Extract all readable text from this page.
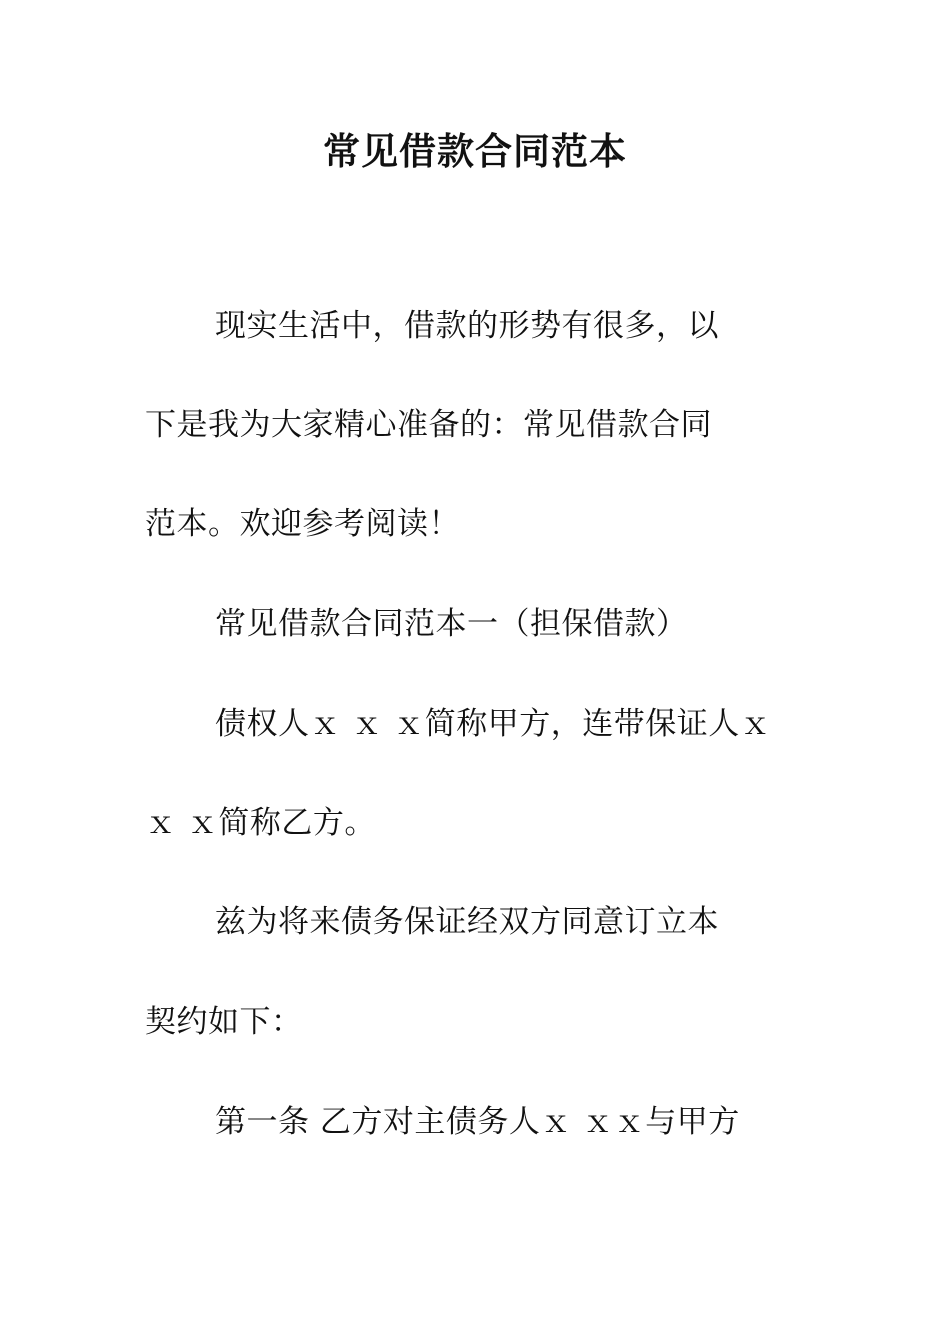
常见借款合同范本

现实生活中，借款的形势有很多，以

下是我为大家精心准备的：常见借款合同

范本。欢迎参考阅读！

常见借款合同范本一（担保借款）

债权人ｘ ｘ ｘ简称甲方，连带保证人ｘ

ｘ ｘ简称乙方。

兹为将来债务保证经双方同意订立本

契约如下：

第一条 乙方对主债务人ｘ ｘｘ与甲方
